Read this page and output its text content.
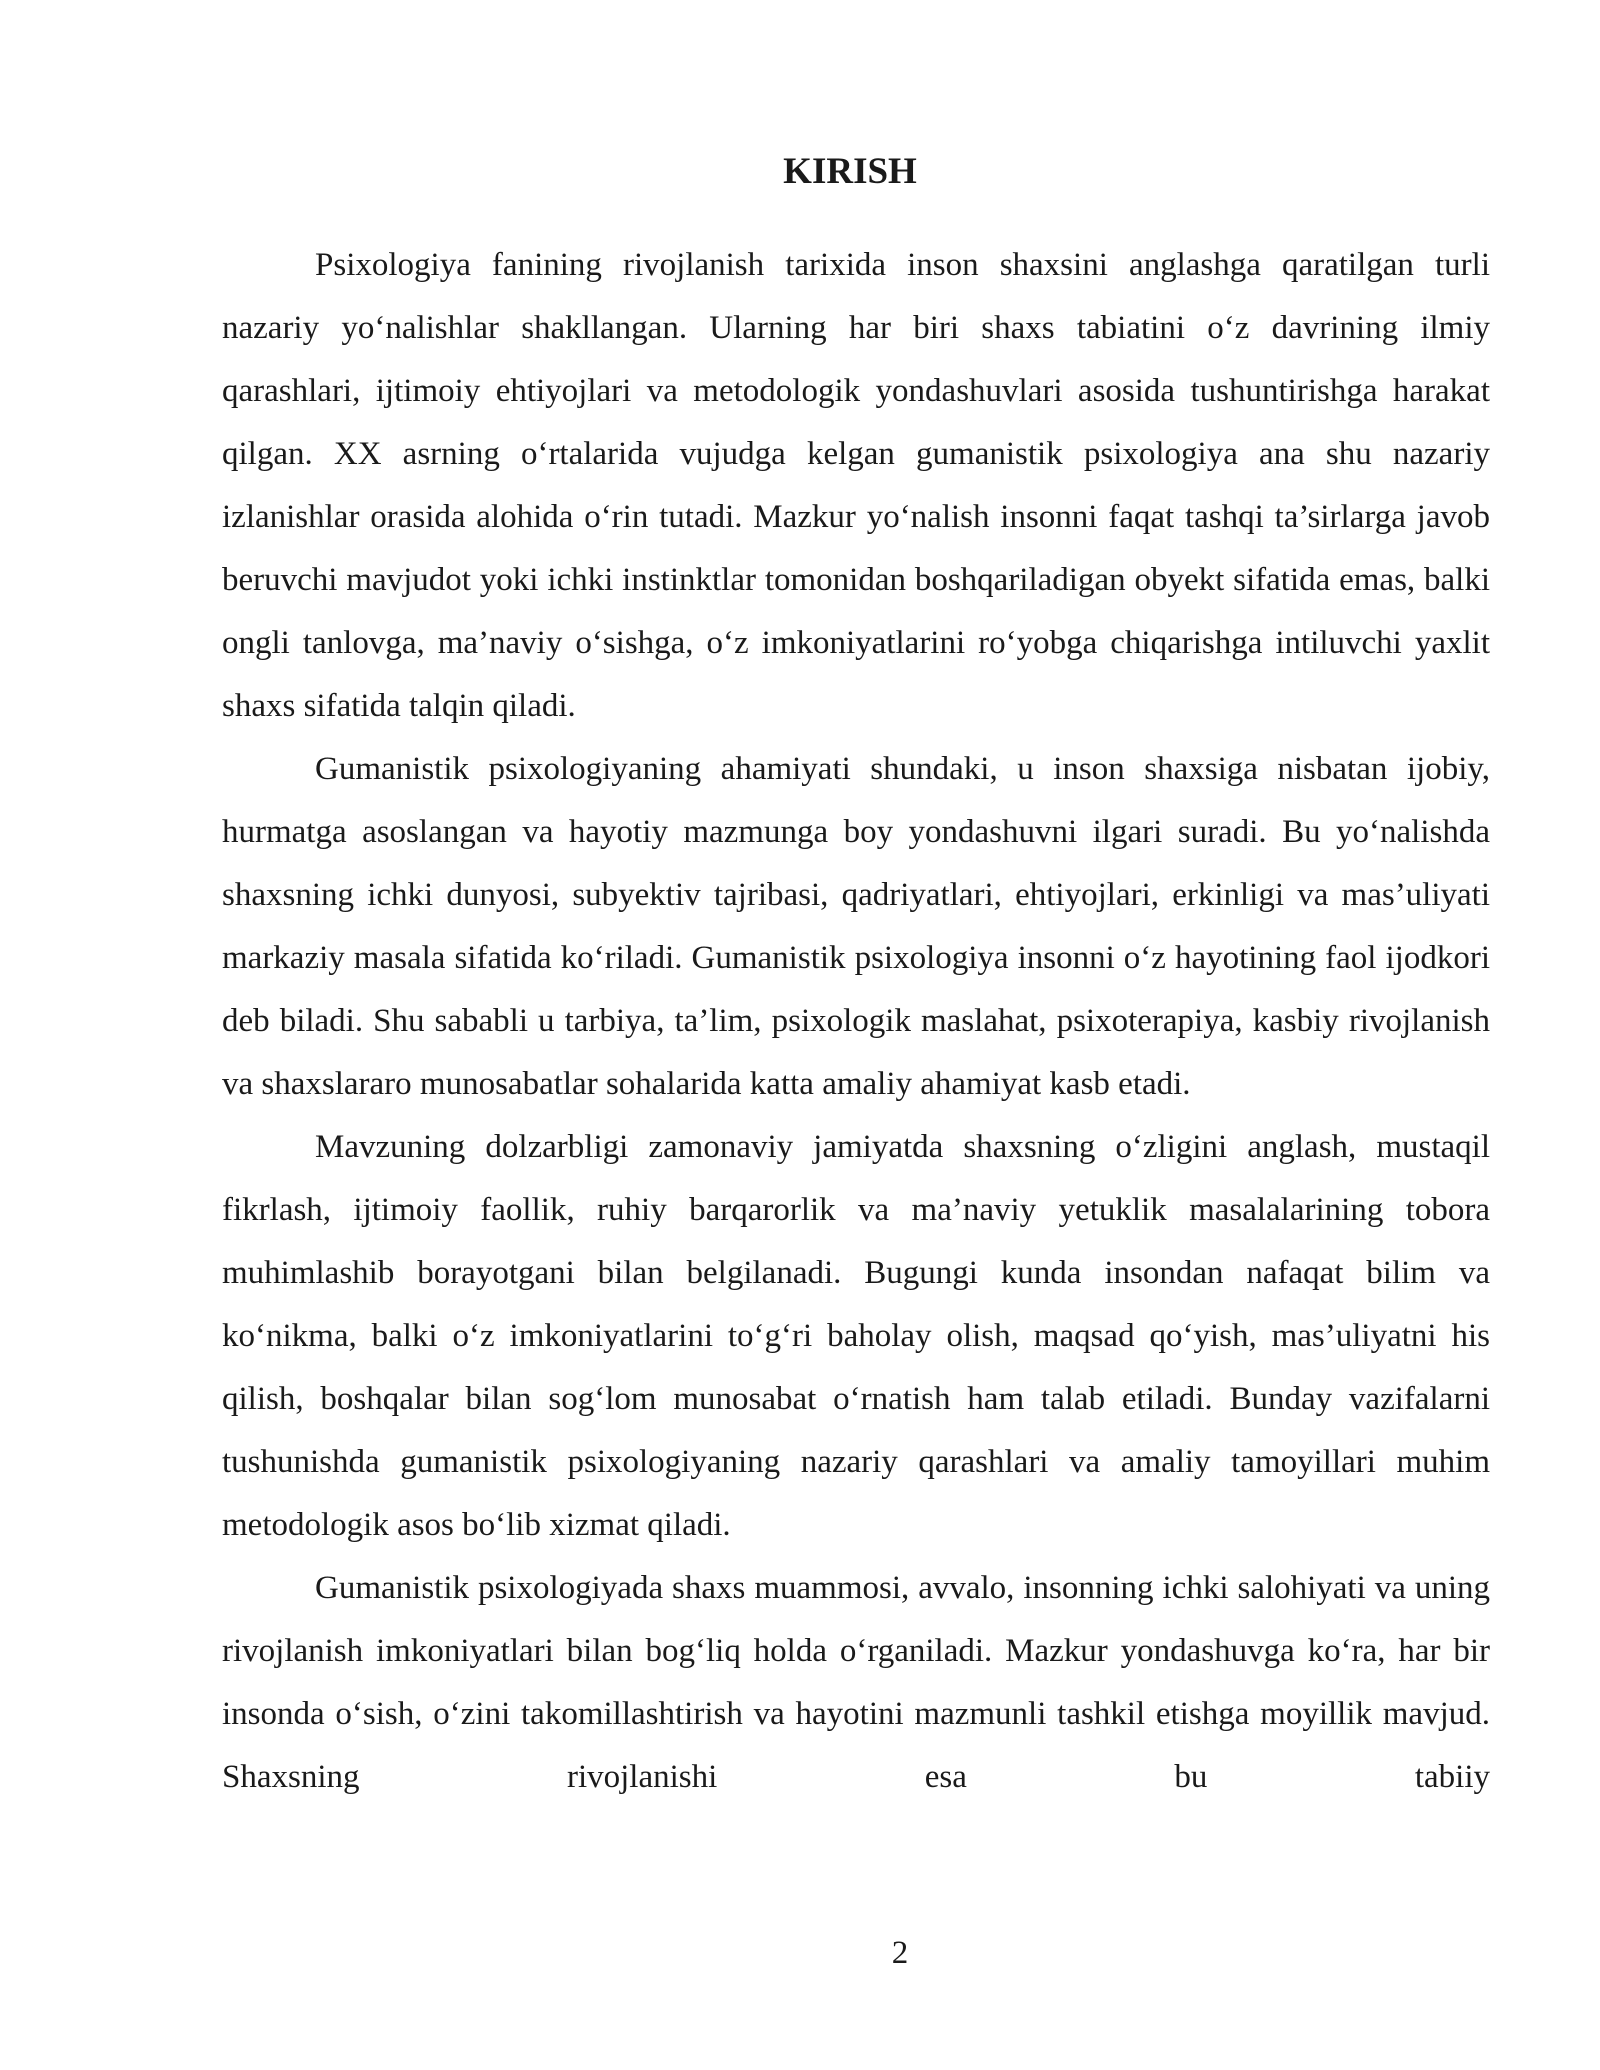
KIRISH

Psixologiya fanining rivojlanish tarixida inson shaxsini anglashga qaratilgan turli nazariy yo‘nalishlar shakllangan. Ularning har biri shaxs tabiatini o‘z davrining ilmiy qarashlari, ijtimoiy ehtiyojlari va metodologik yondashuvlari asosida tushuntirishga harakat qilgan. XX asrning o‘rtalarida vujudga kelgan gumanistik psixologiya ana shu nazariy izlanishlar orasida alohida o‘rin tutadi. Mazkur yo‘nalish insonni faqat tashqi ta’sirlarga javob beruvchi mavjudot yoki ichki instinktlar tomonidan boshqariladigan obyekt sifatida emas, balki ongli tanlovga, ma’naviy o‘sishga, o‘z imkoniyatlarini ro‘yobga chiqarishga intiluvchi yaxlit shaxs sifatida talqin qiladi.

Gumanistik psixologiyaning ahamiyati shundaki, u inson shaxsiga nisbatan ijobiy, hurmatga asoslangan va hayotiy mazmunga boy yondashuvni ilgari suradi. Bu yo‘nalishda shaxsning ichki dunyosi, subyektiv tajribasi, qadriyatlari, ehtiyojlari, erkinligi va mas’uliyati markaziy masala sifatida ko‘riladi. Gumanistik psixologiya insonni o‘z hayotining faol ijodkori deb biladi. Shu sababli u tarbiya, ta’lim, psixologik maslahat, psixoterapiya, kasbiy rivojlanish va shaxslararo munosabatlar sohalarida katta amaliy ahamiyat kasb etadi.

Mavzuning dolzarbligi zamonaviy jamiyatda shaxsning o‘zligini anglash, mustaqil fikrlash, ijtimoiy faollik, ruhiy barqarorlik va ma’naviy yetuklik masalalarining tobora muhimlashib borayotgani bilan belgilanadi. Bugungi kunda insondan nafaqat bilim va ko‘nikma, balki o‘z imkoniyatlarini to‘g‘ri baholay olish, maqsad qo‘yish, mas’uliyatni his qilish, boshqalar bilan sog‘lom munosabat o‘rnatish ham talab etiladi. Bunday vazifalarni tushunishda gumanistik psixologiyaning nazariy qarashlari va amaliy tamoyillari muhim metodologik asos bo‘lib xizmat qiladi.

Gumanistik psixologiyada shaxs muammosi, avvalo, insonning ichki salohiyati va uning rivojlanish imkoniyatlari bilan bog‘liq holda o‘rganiladi. Mazkur yondashuvga ko‘ra, har bir insonda o‘sish, o‘zini takomillashtirish va hayotini mazmunli tashkil etishga moyillik mavjud. Shaxsning rivojlanishi esa bu tabiiy

2
